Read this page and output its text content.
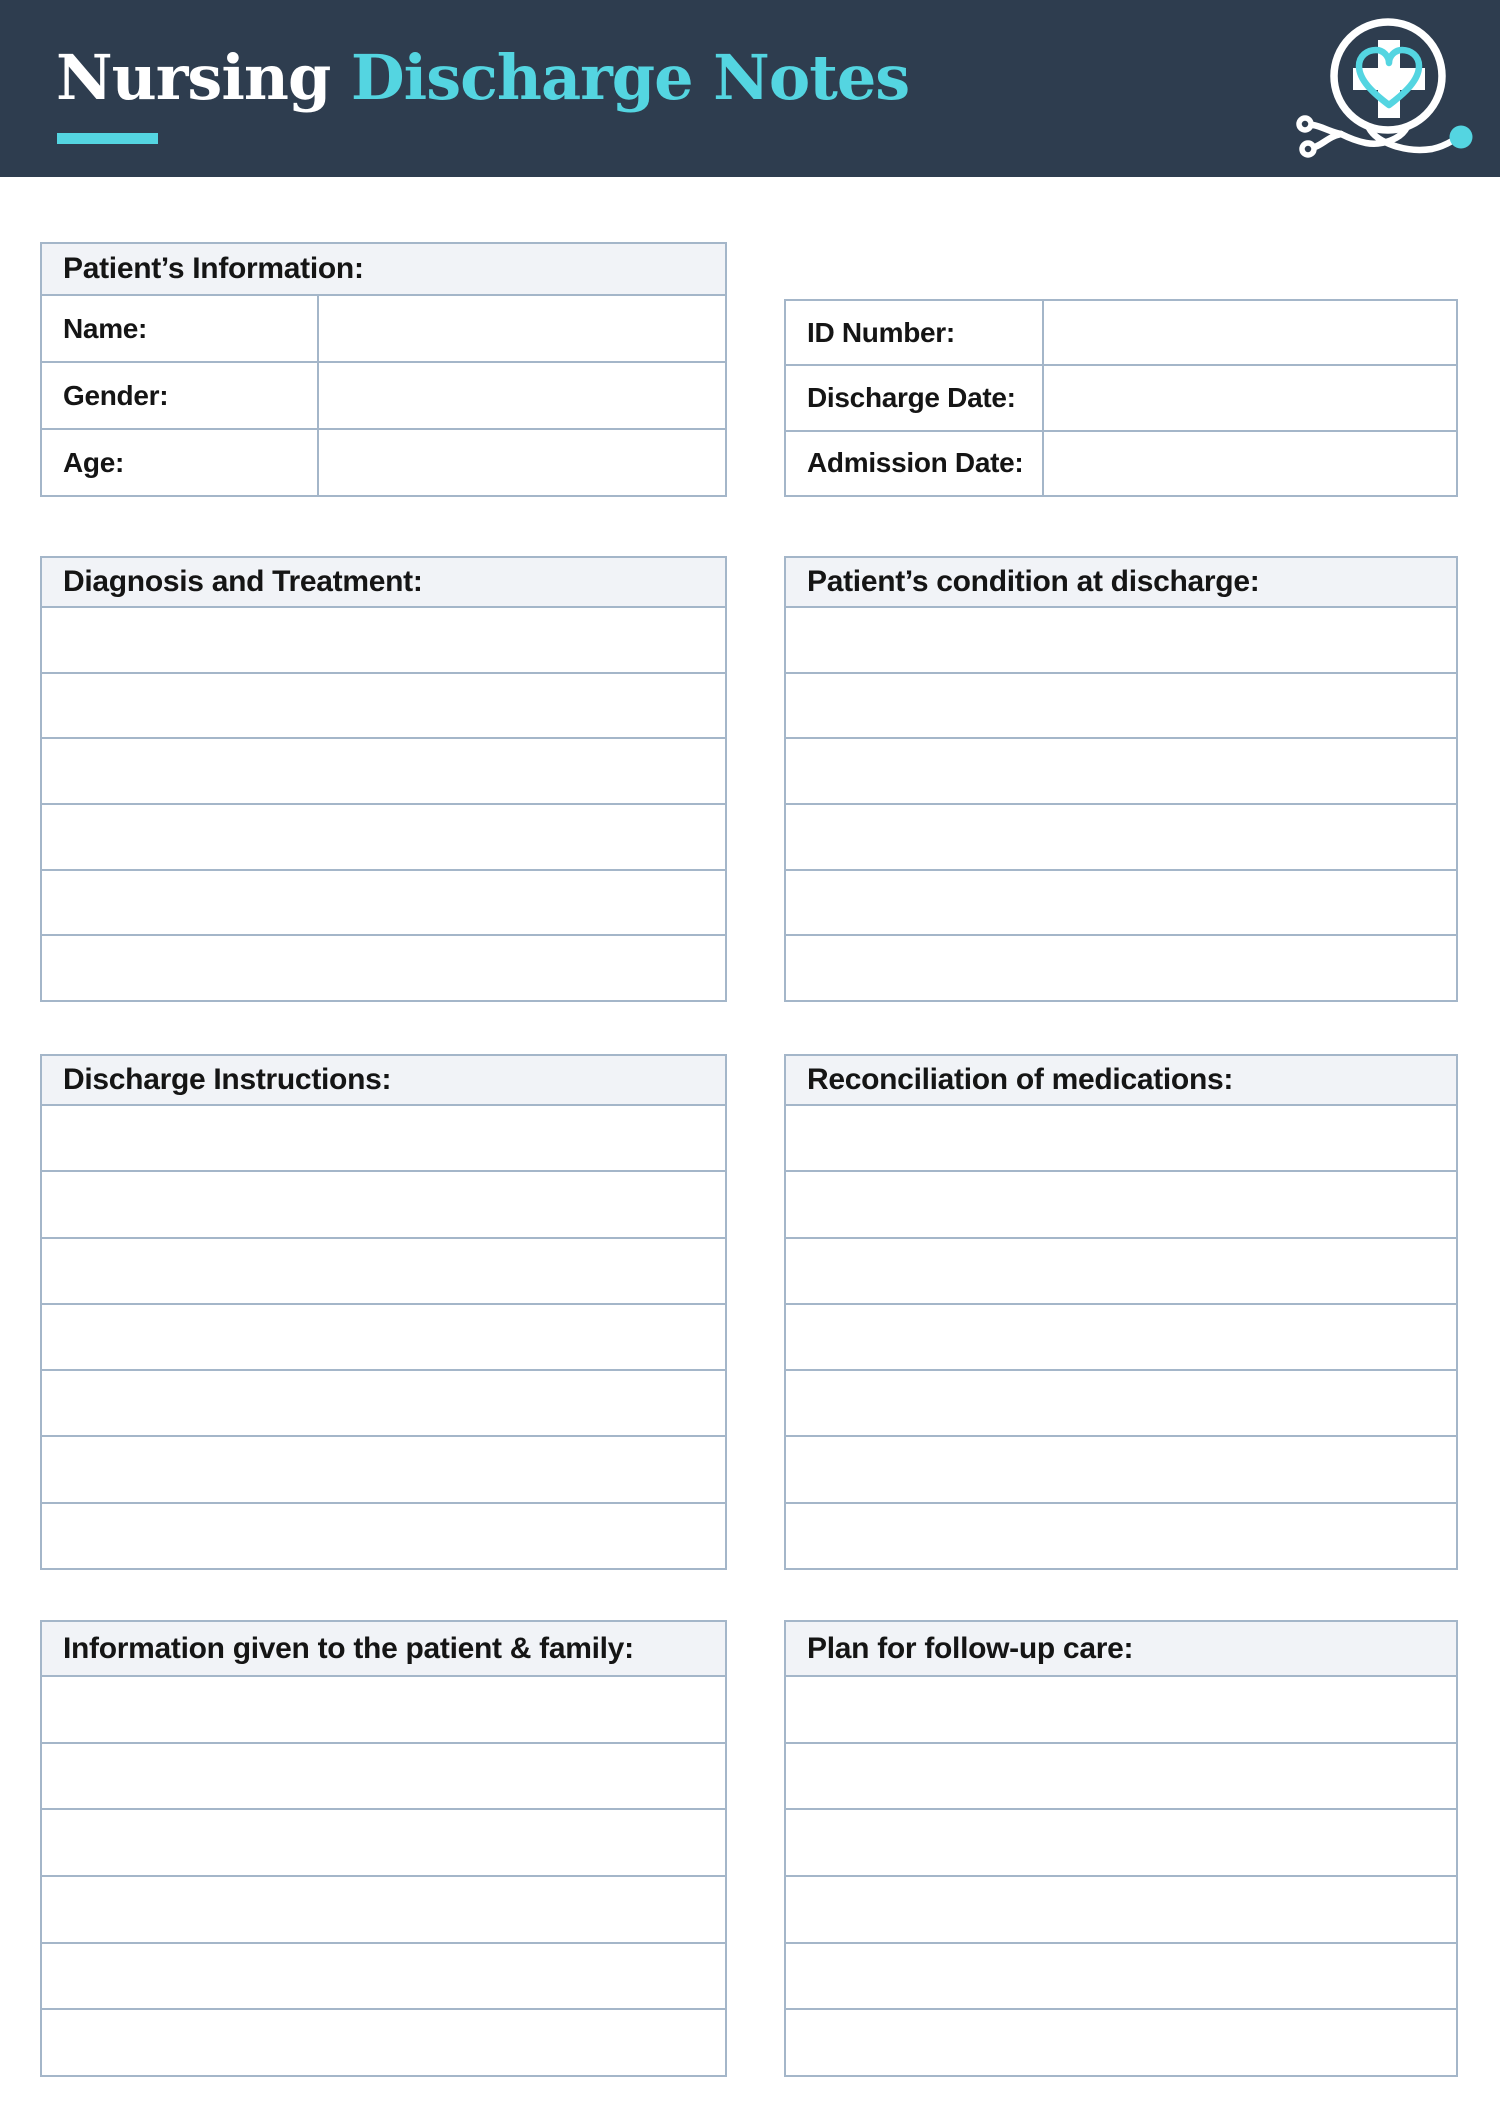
Nursing Discharge Notes
Patient’s Information:
Name:
Gender:
Age:
ID Number:
Discharge Date:
Admission Date:
Diagnosis and Treatment:	Patient’s condition at discharge:
Discharge Instructions:	Reconciliation of medications:
Information given to the patient & family:	Plan for follow-up care:
